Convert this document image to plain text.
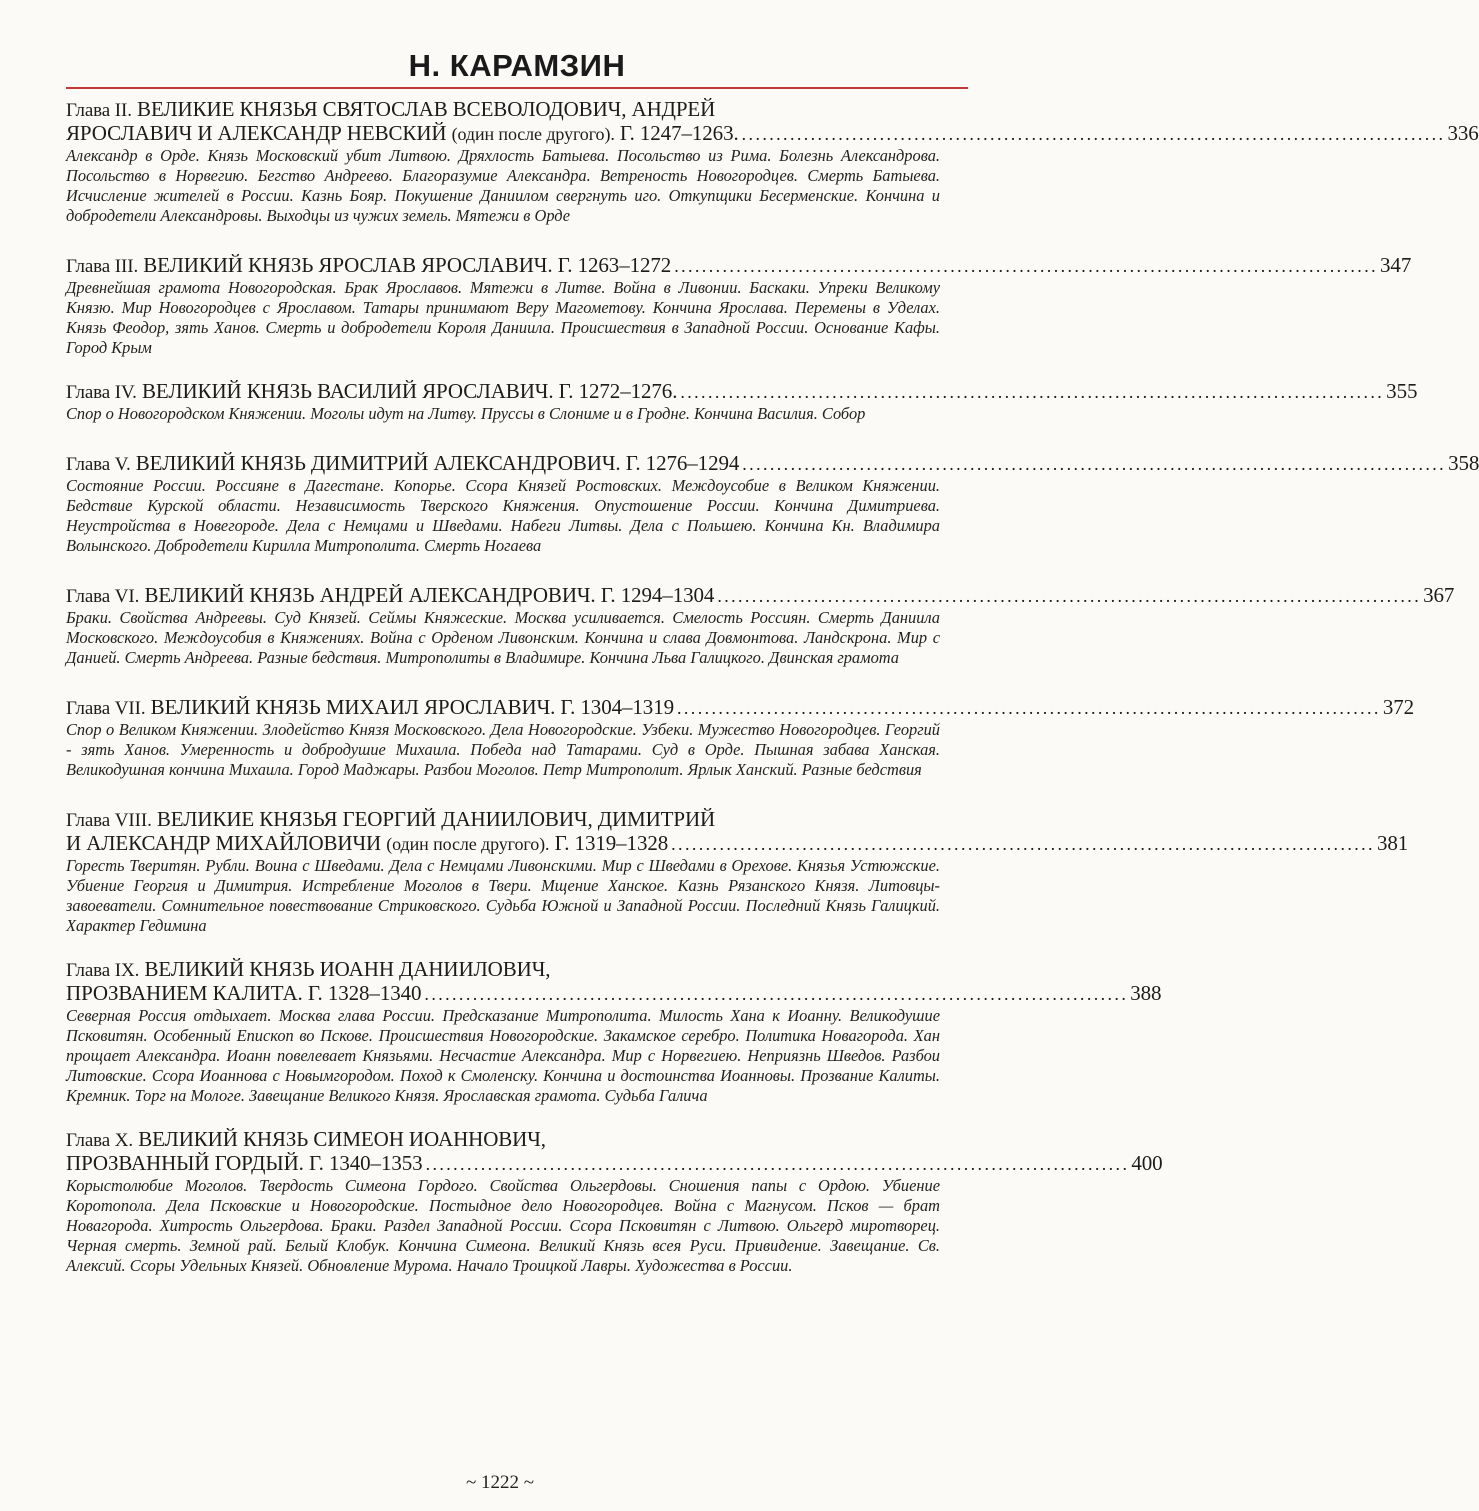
Н. КАРАМЗИН
Глава II. ВЕЛИКИЕ КНЯЗЬЯ СВЯТОСЛАВ ВСЕВОЛОДОВИЧ, АНДРЕЙ
ЯРОСЛАВИЧ И АЛЕКСАНДР НЕВСКИЙ (один после другого). Г. 1247–1263. ...................................................................................................... 336
Александр в Орде. Князь Московский убит Литвою. Дряхлость Батыева. Посольство из Рима. Болезнь Александрова. Посольство в Норвегию. Бегство Андреево. Благоразумие Александра. Ветреность Новогородцев. Смерть Батыева. Исчисление жителей в России. Казнь Бояр. Покушение Даниилом свергнуть иго. Откупщики Бесерменские. Кончина и добродетели Александровы. Выходцы из чужих земель. Мятежи в Орде
Глава III. ВЕЛИКИЙ КНЯЗЬ ЯРОСЛАВ ЯРОСЛАВИЧ. Г. 1263–1272 ...................................................................................................... 347
Древнейшая грамота Новогородская. Брак Ярославов. Мятежи в Литве. Война в Ливонии. Баскаки. Упреки Великому Князю. Мир Новогородцев с Ярославом. Татары принимают Веру Магометову. Кончина Ярослава. Перемены в Уделах. Князь Феодор, зять Ханов. Смерть и добродетели Короля Даниила. Происшествия в Западной России. Основание Кафы. Город Крым
Глава IV. ВЕЛИКИЙ КНЯЗЬ ВАСИЛИЙ ЯРОСЛАВИЧ. Г. 1272–1276. ...................................................................................................... 355
Спор о Новогородском Княжении. Моголы идут на Литву. Пруссы в Слониме и в Гродне. Кончина Василия. Собор
Глава V. ВЕЛИКИЙ КНЯЗЬ ДИМИТРИЙ АЛЕКСАНДРОВИЧ. Г. 1276–1294 ...................................................................................................... 358
Состояние России. Россияне в Дагестане. Копорье. Ссора Князей Ростовских. Междоусобие в Великом Княжении. Бедствие Курской области. Независимость Тверского Княжения. Опустошение России. Кончина Димитриева. Неустройства в Новегороде. Дела с Немцами и Шведами. Набеги Литвы. Дела с Польшею. Кончина Кн. Владимира Волынского. Добродетели Кирилла Митрополита. Смерть Ногаева
Глава VI. ВЕЛИКИЙ КНЯЗЬ АНДРЕЙ АЛЕКСАНДРОВИЧ. Г. 1294–1304 ...................................................................................................... 367
Браки. Свойства Андреевы. Суд Князей. Сеймы Княжеские. Москва усиливается. Смелость Россиян. Смерть Даниила Московского. Междоусобия в Княжениях. Война с Орденом Ливонским. Кончина и слава Довмонтова. Ландскрона. Мир с Данией. Смерть Андреева. Разные бедствия. Митрополиты в Владимире. Кончина Льва Галицкого. Двинская грамота
Глава VII. ВЕЛИКИЙ КНЯЗЬ МИХАИЛ ЯРОСЛАВИЧ. Г. 1304–1319 ...................................................................................................... 372
Спор о Великом Княжении. Злодейство Князя Московского. Дела Новогородские. Узбеки. Мужество Новогородцев. Георгий - зять Ханов. Умеренность и добродушие Михаила. Победа над Татарами. Суд в Орде. Пышная забава Ханская. Великодушная кончина Михаила. Город Маджары. Разбои Моголов. Петр Митрополит. Ярлык Ханский. Разные бедствия
Глава VIII. ВЕЛИКИЕ КНЯЗЬЯ ГЕОРГИЙ ДАНИИЛОВИЧ, ДИМИТРИЙ
И АЛЕКСАНДР МИХАЙЛОВИЧИ (один после другого). Г. 1319–1328 ...................................................................................................... 381
Горесть Тверитян. Рубли. Воина с Шведами. Дела с Немцами Ливонскими. Мир с Шведами в Орехове. Князья Устюжские. Убиение Георгия и Димитрия. Истребление Моголов в Твери. Мщение Ханское. Казнь Рязанского Князя. Литовцы-завоеватели. Сомнительное повествование Стриковского. Судьба Южной и Западной России. Последний Князь Галицкий. Характер Гедимина
Глава IX. ВЕЛИКИЙ КНЯЗЬ ИОАНН ДАНИИЛОВИЧ,
ПРОЗВАНИЕМ КАЛИТА. Г. 1328–1340 ...................................................................................................... 388
Северная Россия отдыхает. Москва глава России. Предсказание Митрополита. Милость Хана к Иоанну. Великодушие Псковитян. Особенный Епископ во Пскове. Происшествия Новогородские. Закамское серебро. Политика Новагорода. Хан прощает Александра. Иоанн повелевает Князьями. Несчастие Александра. Мир с Норвегиею. Неприязнь Шведов. Разбои Литовские. Ссора Иоаннова с Новымгородом. Поход к Смоленску. Кончина и достоинства Иоанновы. Прозвание Калиты. Кремник. Торг на Мологе. Завещание Великого Князя. Ярославская грамота. Судьба Галича
Глава X. ВЕЛИКИЙ КНЯЗЬ СИМЕОН ИОАННОВИЧ,
ПРОЗВАННЫЙ ГОРДЫЙ. Г. 1340–1353 ...................................................................................................... 400
Корыстолюбие Моголов. Твердость Симеона Гордого. Свойства Ольгердовы. Сношения папы с Ордою. Убиение Коротопола. Дела Псковские и Новогородские. Постыдное дело Новогородцев. Война с Магнусом. Псков — брат Новагорода. Хитрость Ольгердова. Браки. Раздел Западной России. Ссора Псковитян с Литвою. Ольгерд миротворец. Черная смерть. Земной рай. Белый Клобук. Кончина Симеона. Великий Князь всея Руси. Привидение. Завещание. Св. Алексий. Ссоры Удельных Князей. Обновление Мурома. Начало Троицкой Лавры. Художества в России.
~ 1222 ~
